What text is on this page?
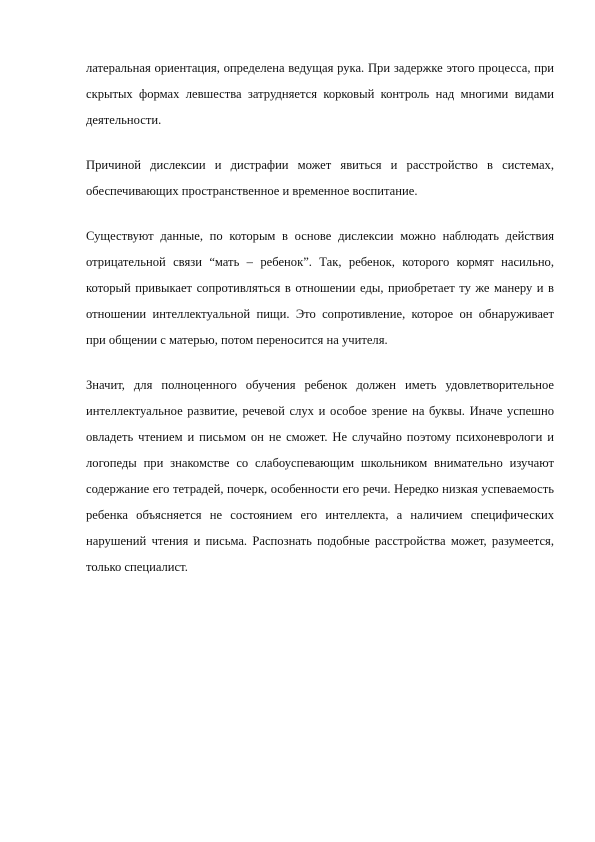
латеральная ориентация, определена ведущая рука. При задержке этого процесса, при скрытых формах левшества затрудняется корковый контроль над многими видами деятельности.

Причиной дислексии и дистрафии может явиться и расстройство в системах, обеспечивающих пространственное и временное воспитание.

Существуют данные, по которым в основе дислексии можно наблюдать действия отрицательной связи “мать – ребенок”. Так, ребенок, которого кормят насильно, который привыкает сопротивляться в отношении еды, приобретает ту же манеру и в отношении интеллектуальной пищи. Это сопротивление, которое он обнаруживает при общении с матерью, потом переносится на учителя.

Значит, для полноценного обучения ребенок должен иметь удовлетворительное интеллектуальное развитие, речевой слух и особое зрение на буквы. Иначе успешно овладеть чтением и письмом он не сможет. Не случайно поэтому психоневрологи и логопеды при знакомстве со слабоуспевающим школьником внимательно изучают содержание его тетрадей, почерк, особенности его речи. Нередко низкая успеваемость ребенка объясняется не состоянием его интеллекта, а наличием специфических нарушений чтения и письма. Распознать подобные расстройства может, разумеется, только специалист.
